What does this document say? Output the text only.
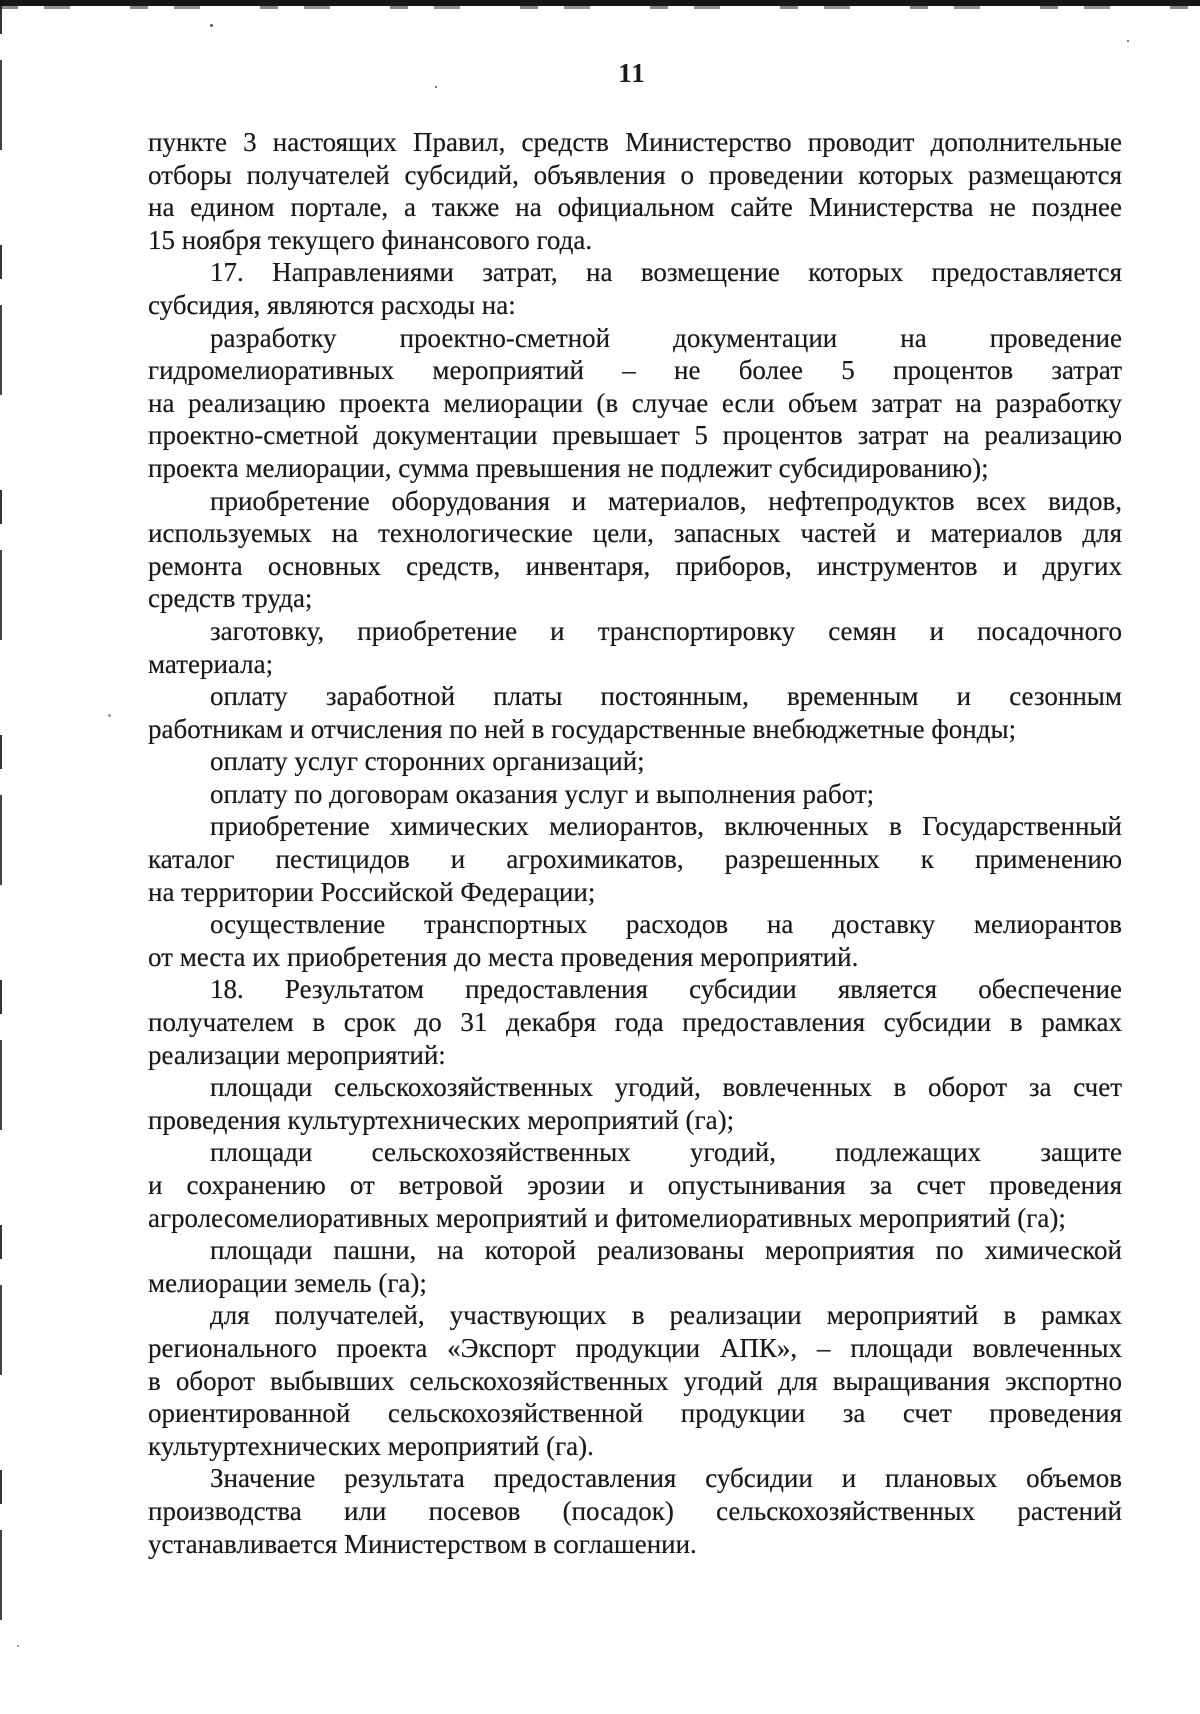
11
пункте 3 настоящих Правил, средств Министерство проводит дополнительные
отборы получателей субсидий, объявления о проведении которых размещаются
на едином портале, а также на официальном сайте Министерства не позднее
15 ноября текущего финансового года.
17. Направлениями затрат, на возмещение которых предоставляется
субсидия, являются расходы на:
разработку проектно-сметной документации на проведение
гидромелиоративных мероприятий – не более 5 процентов затрат
на реализацию проекта мелиорации (в случае если объем затрат на разработку
проектно-сметной документации превышает 5 процентов затрат на реализацию
проекта мелиорации, сумма превышения не подлежит субсидированию);
приобретение оборудования и материалов, нефтепродуктов всех видов,
используемых на технологические цели, запасных частей и материалов для
ремонта основных средств, инвентаря, приборов, инструментов и других
средств труда;
заготовку, приобретение и транспортировку семян и посадочного
материала;
оплату заработной платы постоянным, временным и сезонным
работникам и отчисления по ней в государственные внебюджетные фонды;
оплату услуг сторонних организаций;
оплату по договорам оказания услуг и выполнения работ;
приобретение химических мелиорантов, включенных в Государственный
каталог пестицидов и агрохимикатов, разрешенных к применению
на территории Российской Федерации;
осуществление транспортных расходов на доставку мелиорантов
от места их приобретения до места проведения мероприятий.
18. Результатом предоставления субсидии является обеспечение
получателем в срок до 31 декабря года предоставления субсидии в рамках
реализации мероприятий:
площади сельскохозяйственных угодий, вовлеченных в оборот за счет
проведения культуртехнических мероприятий (га);
площади сельскохозяйственных угодий, подлежащих защите
и сохранению от ветровой эрозии и опустынивания за счет проведения
агролесомелиоративных мероприятий и фитомелиоративных мероприятий (га);
площади пашни, на которой реализованы мероприятия по химической
мелиорации земель (га);
для получателей, участвующих в реализации мероприятий в рамках
регионального проекта «Экспорт продукции АПК», – площади вовлеченных
в оборот выбывших сельскохозяйственных угодий для выращивания экспортно
ориентированной сельскохозяйственной продукции за счет проведения
культуртехнических мероприятий (га).
Значение результата предоставления субсидии и плановых объемов
производства или посевов (посадок) сельскохозяйственных растений
устанавливается Министерством в соглашении.
